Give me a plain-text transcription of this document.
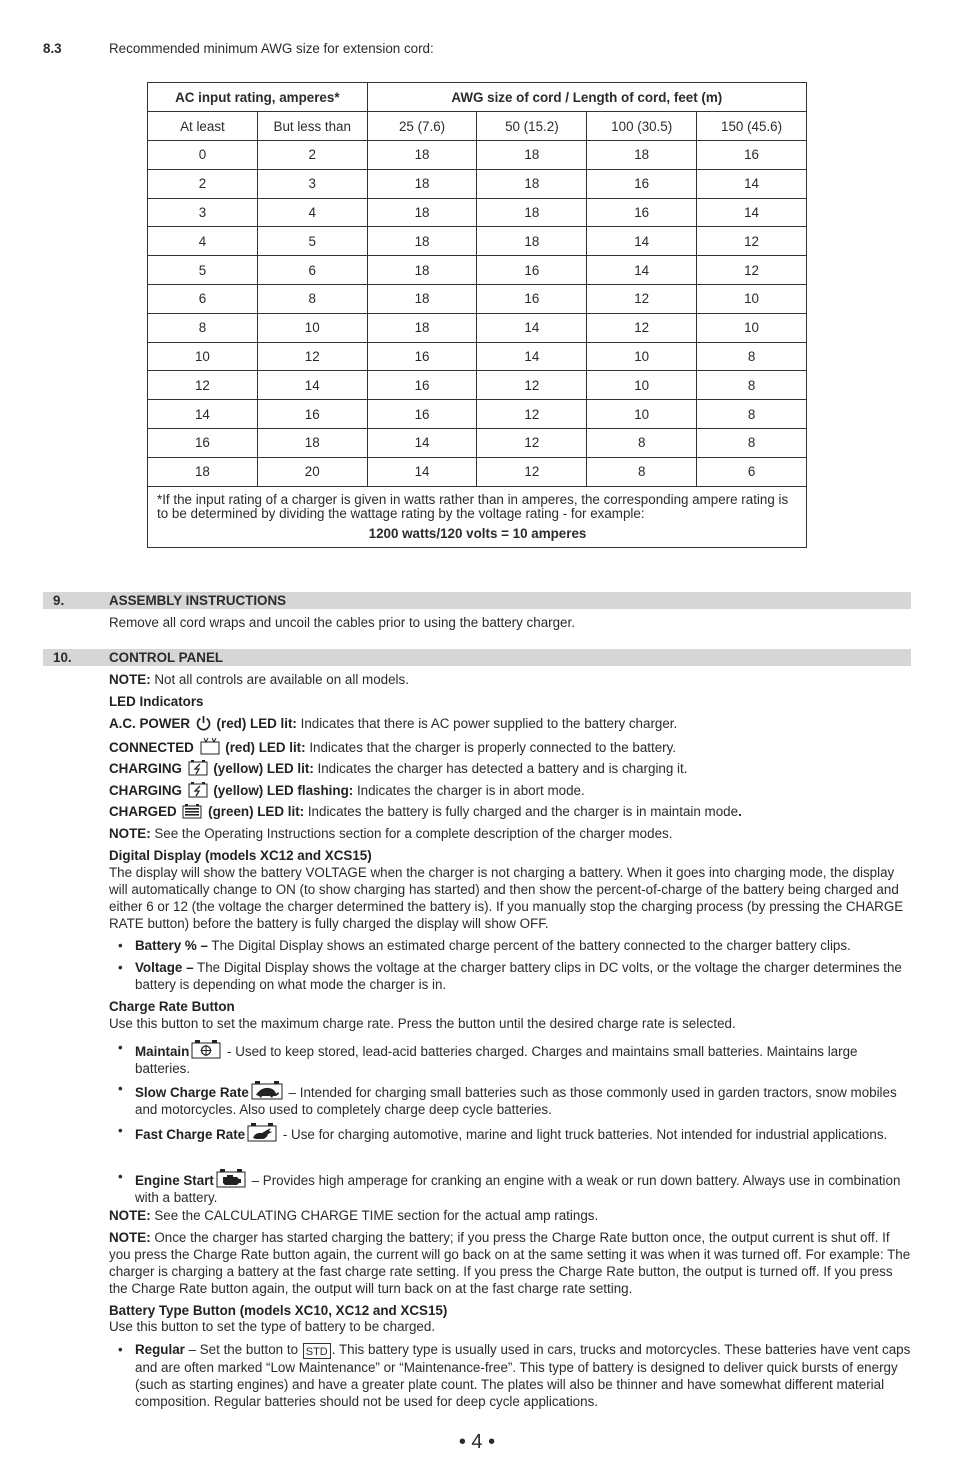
8.3	Recommended minimum AWG size for extension cord:
AC input rating, amperes*		AWG size of cord / Length of cord, feet (m)			
At least	But less than	25 (7.6)	50 (15.2)	100 (30.5)	150 (45.6)
0	2	18	18	18	16
2	3	18	18	16	14
3	4	18	18	16	14
4	5	18	18	14	12
5	6	18	16	14	12
6	8	18	16	12	10
8	10	18	14	12	10
10	12	16	14	10	8
12	14	16	12	10	8
14	16	16	12	10	8
16	18	14	12	8	8
18	20	14	12	8	6
*If the input rating of a charger is given in watts rather than in amperes, the corresponding ampere rating is to be determined by dividing the wattage rating by the voltage rating - for example:
1200 watts/120 volts = 10 amperes					
9.	ASSEMBLY INSTRUCTIONS
Remove all cord wraps and uncoil the cables prior to using the battery charger.
10.	CONTROL PANEL
NOTE: Not all controls are available on all models.
LED Indicators
A.C. POWER  (red) LED lit: Indicates that there is AC power supplied to the battery charger.
CONNECTED  (red) LED lit: Indicates that the charger is properly connected to the battery.
CHARGING  (yellow) LED lit: Indicates the charger has detected a battery and is charging it.
CHARGING  (yellow) LED flashing: Indicates the charger is in abort mode.
CHARGED  (green) LED lit: Indicates the battery is fully charged and the charger is in maintain mode.
NOTE: See the Operating Instructions section for a complete description of the charger modes.
Digital Display (models XC12 and XCS15)
The display will show the battery VOLTAGE when the charger is not charging a battery. When it goes into charging mode, the display will automatically change to ON (to show charging has started) and then show the percent-of-charge of the battery being charged and either 6 or 12 (the voltage the charger determined the battery is). If you manually stop the charging process (by pressing the CHARGE RATE button) before the battery is fully charged the display will show OFF.
• Battery % – The Digital Display shows an estimated charge percent of the battery connected to the charger battery clips.
• Voltage – The Digital Display shows the voltage at the charger battery clips in DC volts, or the voltage the charger determines the battery is depending on what mode the charger is in.
Charge Rate Button
Use this button to set the maximum charge rate. Press the button until the desired charge rate is selected.
• Maintain	- Used to keep stored, lead-acid batteries charged. Charges and maintains small batteries. Maintains large batteries.
• Slow Charge Rate	– Intended for charging small batteries such as those commonly used in garden tractors, snow mobiles and motorcycles. Also used to completely charge deep cycle batteries.
• Fast Charge Rate	- Use for charging automotive, marine and light truck batteries. Not intended for industrial applications.
• Engine Start	– Provides high amperage for cranking an engine with a weak or run down battery. Always use in combination with a battery.
NOTE: See the CALCULATING CHARGE TIME section for the actual amp ratings.
NOTE: Once the charger has started charging the battery; if you press the Charge Rate button once, the output current is shut off. If you press the Charge Rate button again, the current will go back on at the same setting it was when it was turned off. For example: The charger is charging a battery at the fast charge rate setting. If you press the Charge Rate button, the output is turned off. If you press the Charge Rate button again, the output will turn back on at the fast charge rate setting.
Battery Type Button (models XC10, XC12 and XCS15)
Use this button to set the type of battery to be charged.
• Regular – Set the button to STD . This battery type is usually used in cars, trucks and motorcycles. These batteries have vent caps and are often marked “Low Maintenance” or “Maintenance-free”. This type of battery is designed to deliver quick bursts of energy (such as starting engines) and have a greater plate count. The plates will also be thinner and have somewhat different material composition. Regular batteries should not be used for deep cycle applications.
• 4 •
